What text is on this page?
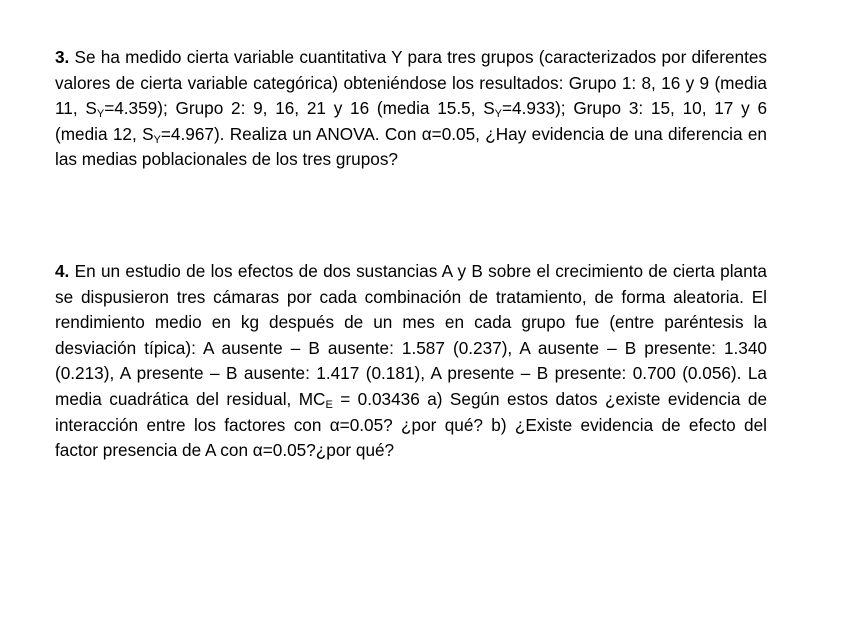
3. Se ha medido cierta variable cuantitativa Y para tres grupos (caracterizados por diferentes valores de cierta variable categórica) obteniéndose los resultados: Grupo 1: 8, 16 y 9 (media 11, $S_Y=4.359$); Grupo 2: 9, 16, 21 y 16 (media 15.5, $S_Y=4.933$); Grupo 3: 15, 10, 17 y 6 (media 12, $S_Y=4.967$). Realiza un ANOVA. Con α=0.05, ¿Hay evidencia de una diferencia en las medias poblacionales de los tres grupos?

4. En un estudio de los efectos de dos sustancias A y B sobre el crecimiento de cierta planta se dispusieron tres cámaras por cada combinación de tratamiento, de forma aleatoria. El rendimiento medio en kg después de un mes en cada grupo fue (entre paréntesis la desviación típica): A ausente – B ausente: 1.587 (0.237), A ausente – B presente: 1.340 (0.213), A presente – B ausente: 1.417 (0.181), A presente – B presente: 0.700 (0.056). La media cuadrática del residual, $MC_E = 0.03436$ a) Según estos datos ¿existe evidencia de interacción entre los factores con α=0.05? ¿por qué? b) ¿Existe evidencia de efecto del factor presencia de A con α=0.05?¿por qué?
